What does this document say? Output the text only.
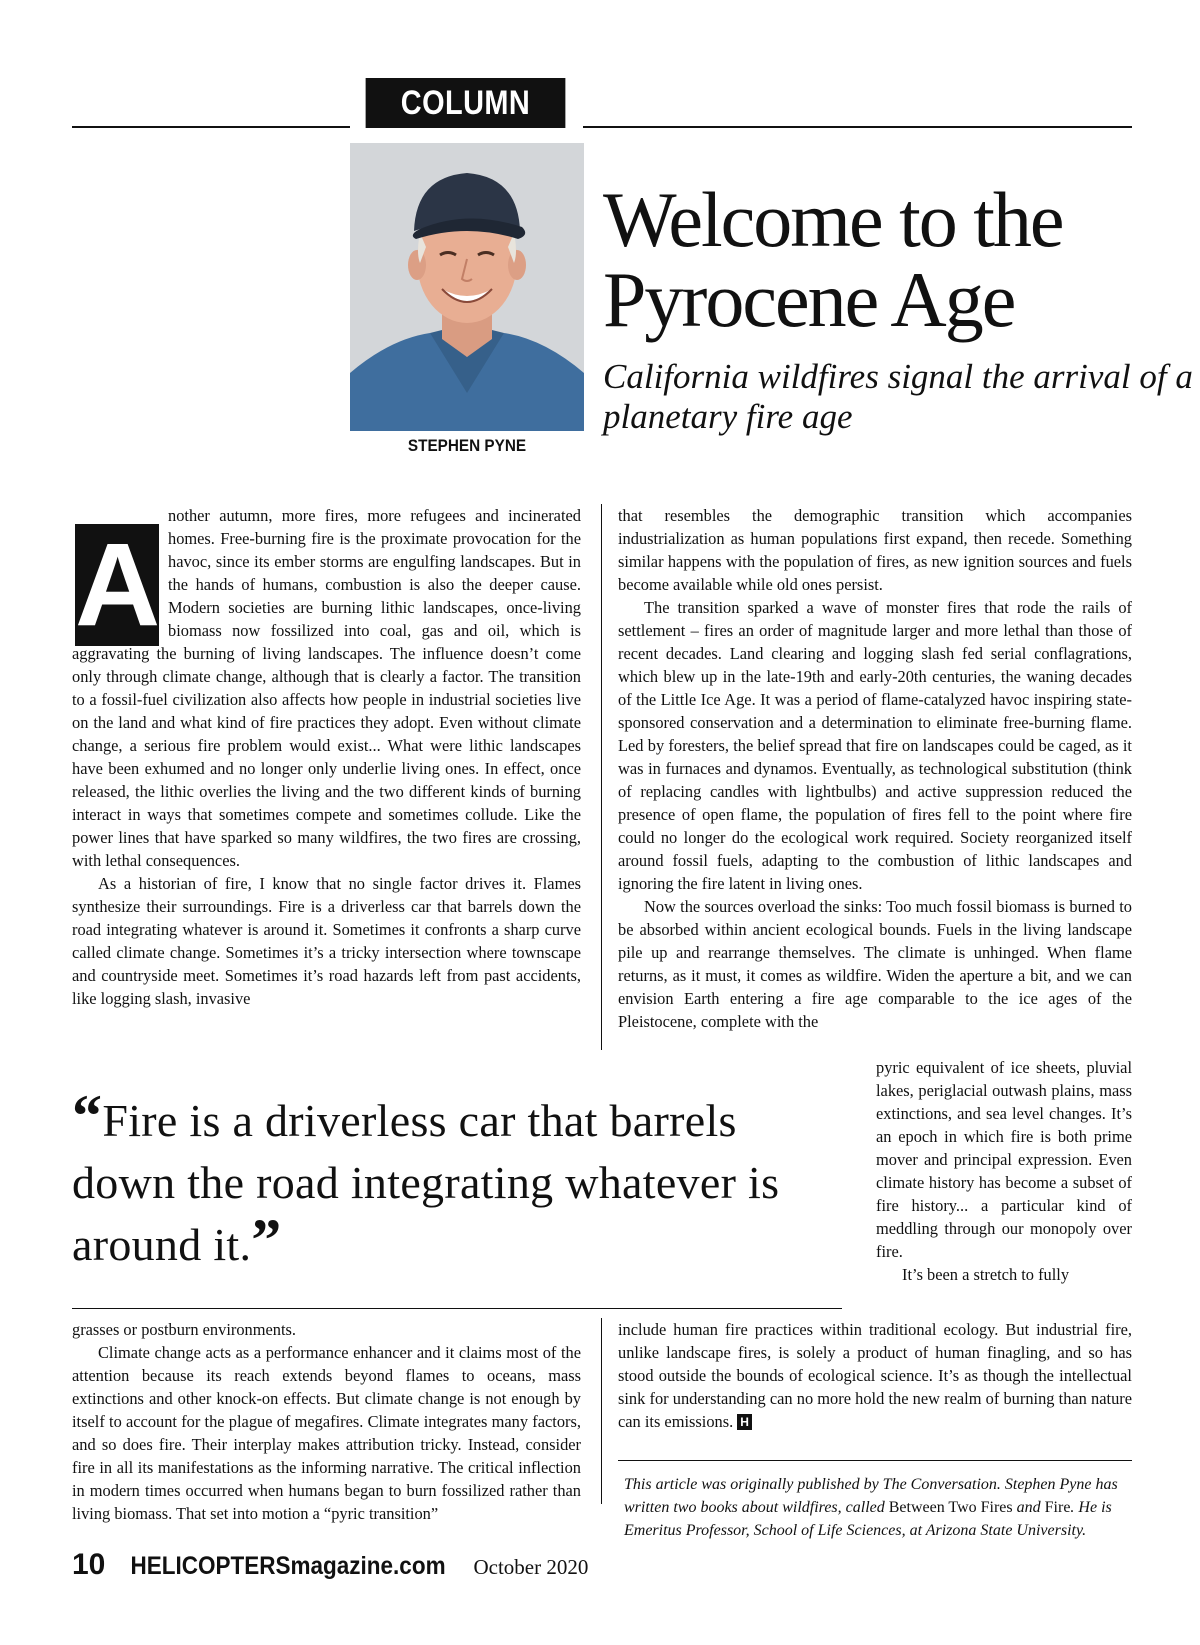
COLUMN
STEPHEN PYNE
Welcome to the Pyrocene Age
California wildfires signal the arrival of a planetary fire age
A

nother autumn, more fires, more refugees and incinerated homes. Free-burning fire is the proximate provocation for the havoc, since its ember storms are engulfing landscapes. But in the hands of humans, combustion is also the deeper cause. Modern societies are burning lithic landscapes, once-living biomass now fossilized into coal, gas and oil, which is aggravating the burning of living landscapes. The influence doesn’t come only through climate change, although that is clearly a factor. The transition to a fossil-fuel civilization also affects how people in industrial societies live on the land and what kind of fire practices they adopt. Even without climate change, a serious fire problem would exist... What were lithic landscapes have been exhumed and no longer only underlie living ones. In effect, once released, the lithic overlies the living and the two different kinds of burning interact in ways that sometimes compete and sometimes collude. Like the power lines that have sparked so many wildfires, the two fires are crossing, with lethal consequences.

As a historian of fire, I know that no single factor drives it. Flames synthesize their surroundings. Fire is a driverless car that barrels down the road integrating whatever is around it. Sometimes it confronts a sharp curve called climate change. Sometimes it’s a tricky intersection where townscape and countryside meet. Sometimes it’s road hazards left from past accidents, like logging slash, invasive

that resembles the demographic transition which accompanies industrialization as human populations first expand, then recede. Something similar happens with the population of fires, as new ignition sources and fuels become available while old ones persist.

The transition sparked a wave of monster fires that rode the rails of settlement – fires an order of magnitude larger and more lethal than those of recent decades. Land clearing and logging slash fed serial conflagrations, which blew up in the late-19th and early-20th centuries, the waning decades of the Little Ice Age. It was a period of flame-catalyzed havoc inspiring state-sponsored conservation and a determination to eliminate free-burning flame. Led by foresters, the belief spread that fire on landscapes could be caged, as it was in furnaces and dynamos. Eventually, as technological substitution (think of replacing candles with lightbulbs) and active suppression reduced the presence of open flame, the population of fires fell to the point where fire could no longer do the ecological work required. Society reorganized itself around fossil fuels, adapting to the combustion of lithic landscapes and ignoring the fire latent in living ones.

Now the sources overload the sinks: Too much fossil biomass is burned to be absorbed within ancient ecological bounds. Fuels in the living landscape pile up and rearrange themselves. The climate is unhinged. When flame returns, as it must, it comes as wildfire. Widen the aperture a bit, and we can envision Earth entering a fire age comparable to the ice ages of the Pleistocene, complete with the

“Fire is a driverless car that barrels down the road integrating whatever is around it.”

pyric equivalent of ice sheets, pluvial lakes, periglacial outwash plains, mass extinctions, and sea level changes. It’s an epoch in which fire is both prime mover and principal expression. Even climate history has become a subset of fire history... a particular kind of meddling through our monopoly over fire.

It’s been a stretch to fully

grasses or postburn environments.

Climate change acts as a performance enhancer and it claims most of the attention because its reach extends beyond flames to oceans, mass extinctions and other knock-on effects. But climate change is not enough by itself to account for the plague of megafires. Climate integrates many factors, and so does fire. Their interplay makes attribution tricky. Instead, consider fire in all its manifestations as the informing narrative. The critical inflection in modern times occurred when humans began to burn fossilized rather than living biomass. That set into motion a “pyric transition”

include human fire practices within traditional ecology. But industrial fire, unlike landscape fires, is solely a product of human finagling, and so has stood outside the bounds of ecological science. It’s as though the intellectual sink for understanding can no more hold the new realm of burning than nature can its emissions. H

This article was originally published by The Conversation. Stephen Pyne has written two books about wildfires, called Between Two Fires and Fire. He is Emeritus Professor, School of Life Sciences, at Arizona State University.
10 HELICOPTERSmagazine.com October 2020
